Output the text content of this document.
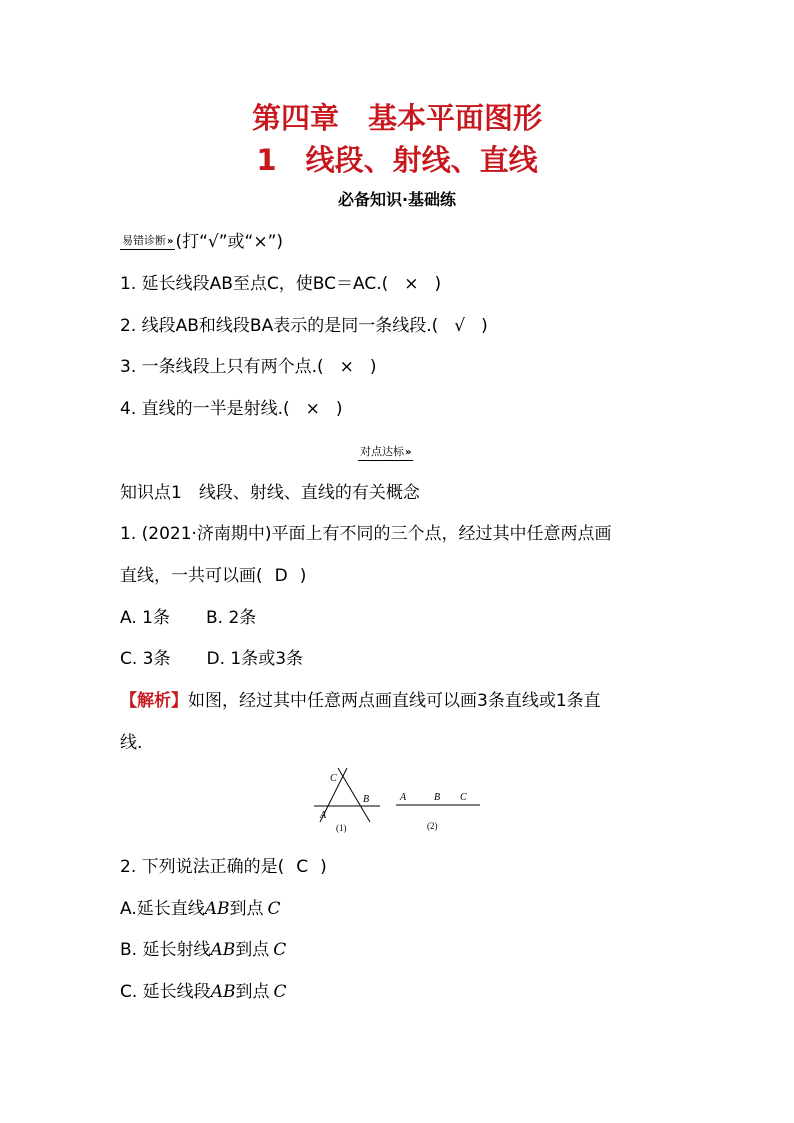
第四章　基本平面图形
1　线段、射线、直线
必备知识·基础练
易错诊断» (打“√”或“×”)
1. 延长线段AB至点C，使BC＝AC.( × )
2. 线段AB和线段BA表示的是同一条线段.( √ )
3. 一条线段上只有两个点.( × )
4. 直线的一半是射线.( × )
对点达标»
知识点1　线段、射线、直线的有关概念
1. (2021·济南期中)平面上有不同的三个点，经过其中任意两点画
直线，一共可以画( D )
A. 1条 B. 2条
C. 3条 D. 1条或3条
【解析】如图，经过其中任意两点画直线可以画3条直线或1条直
线.
C
B
A
(1)
A	B C
(2)
2. 下列说法正确的是( C )
A.延长直线AB到点 C
B. 延长射线AB到点 C
C. 延长线段AB到点 C
